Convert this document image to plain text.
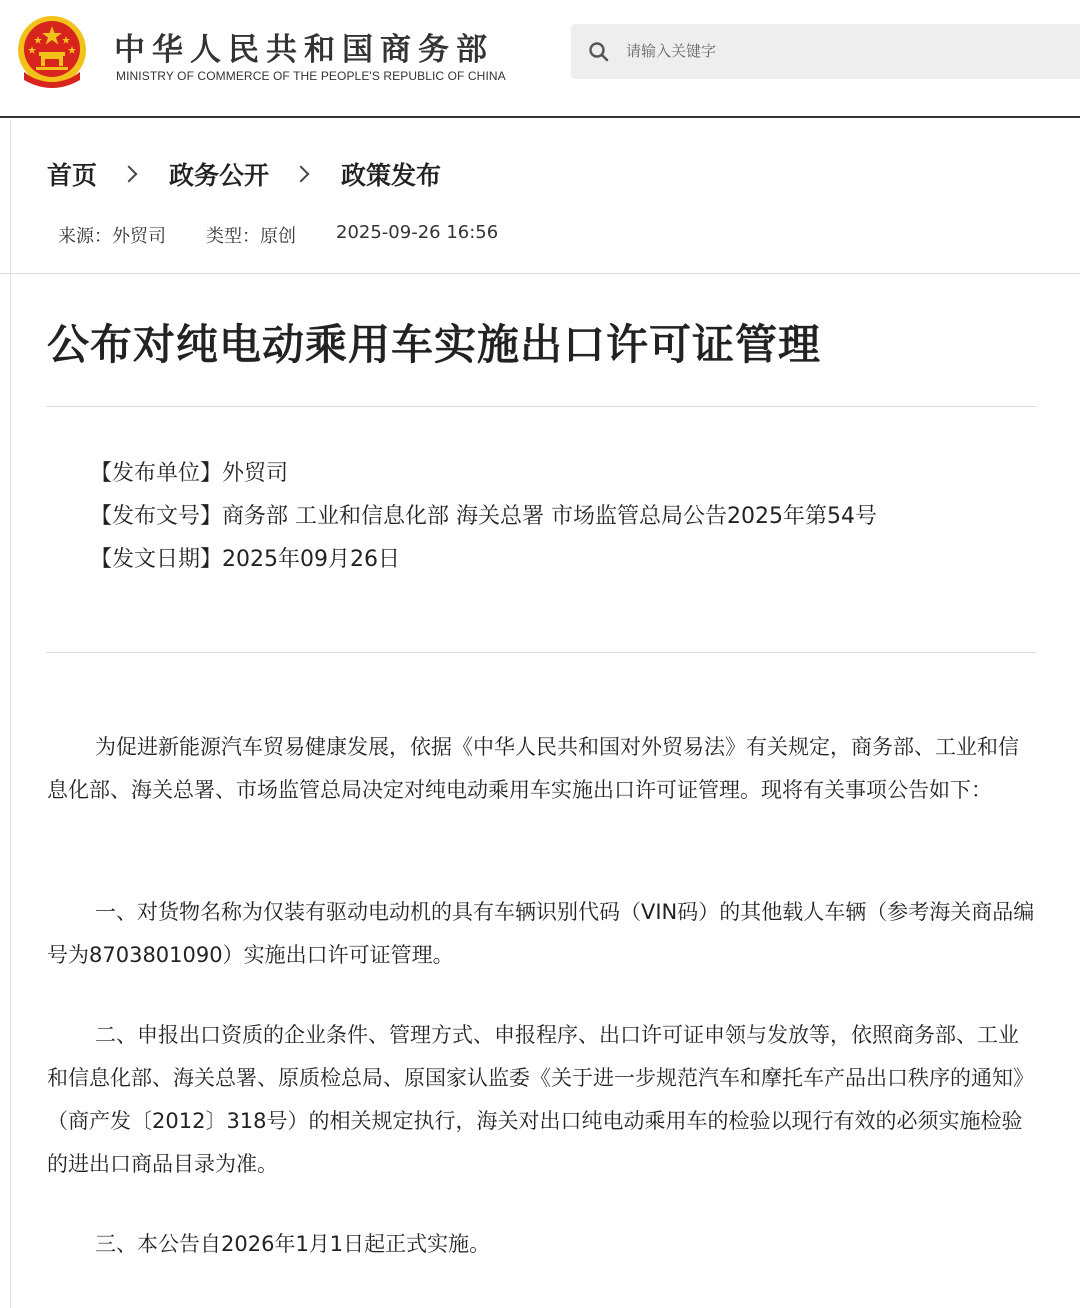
中华人民共和国商务部
MINISTRY OF COMMERCE OF THE PEOPLE'S REPUBLIC OF CHINA
请输入关键字
首页	政务公开	政策发布
来源：外贸司 类型：原创 2025-09-26 16:56
公布对纯电动乘用车实施出口许可证管理
【发布单位】外贸司
【发布文号】商务部 工业和信息化部 海关总署 市场监管总局公告2025年第54号
【发文日期】2025年09月26日

为促进新能源汽车贸易健康发展，依据《中华人民共和国对外贸易法》有关规定，商务部、工业和信息化部、海关总署、市场监管总局决定对纯电动乘用车实施出口许可证管理。现将有关事项公告如下：

一、对货物名称为仅装有驱动电动机的具有车辆识别代码（VIN码）的其他载人车辆（参考海关商品编号为8703801090）实施出口许可证管理。

二、申报出口资质的企业条件、管理方式、申报程序、出口许可证申领与发放等，依照商务部、工业和信息化部、海关总署、原质检总局、原国家认监委《关于进一步规范汽车和摩托车产品出口秩序的通知》（商产发〔2012〕318号）的相关规定执行，海关对出口纯电动乘用车的检验以现行有效的必须实施检验的进出口商品目录为准。

三、本公告自2026年1月1日起正式实施。
